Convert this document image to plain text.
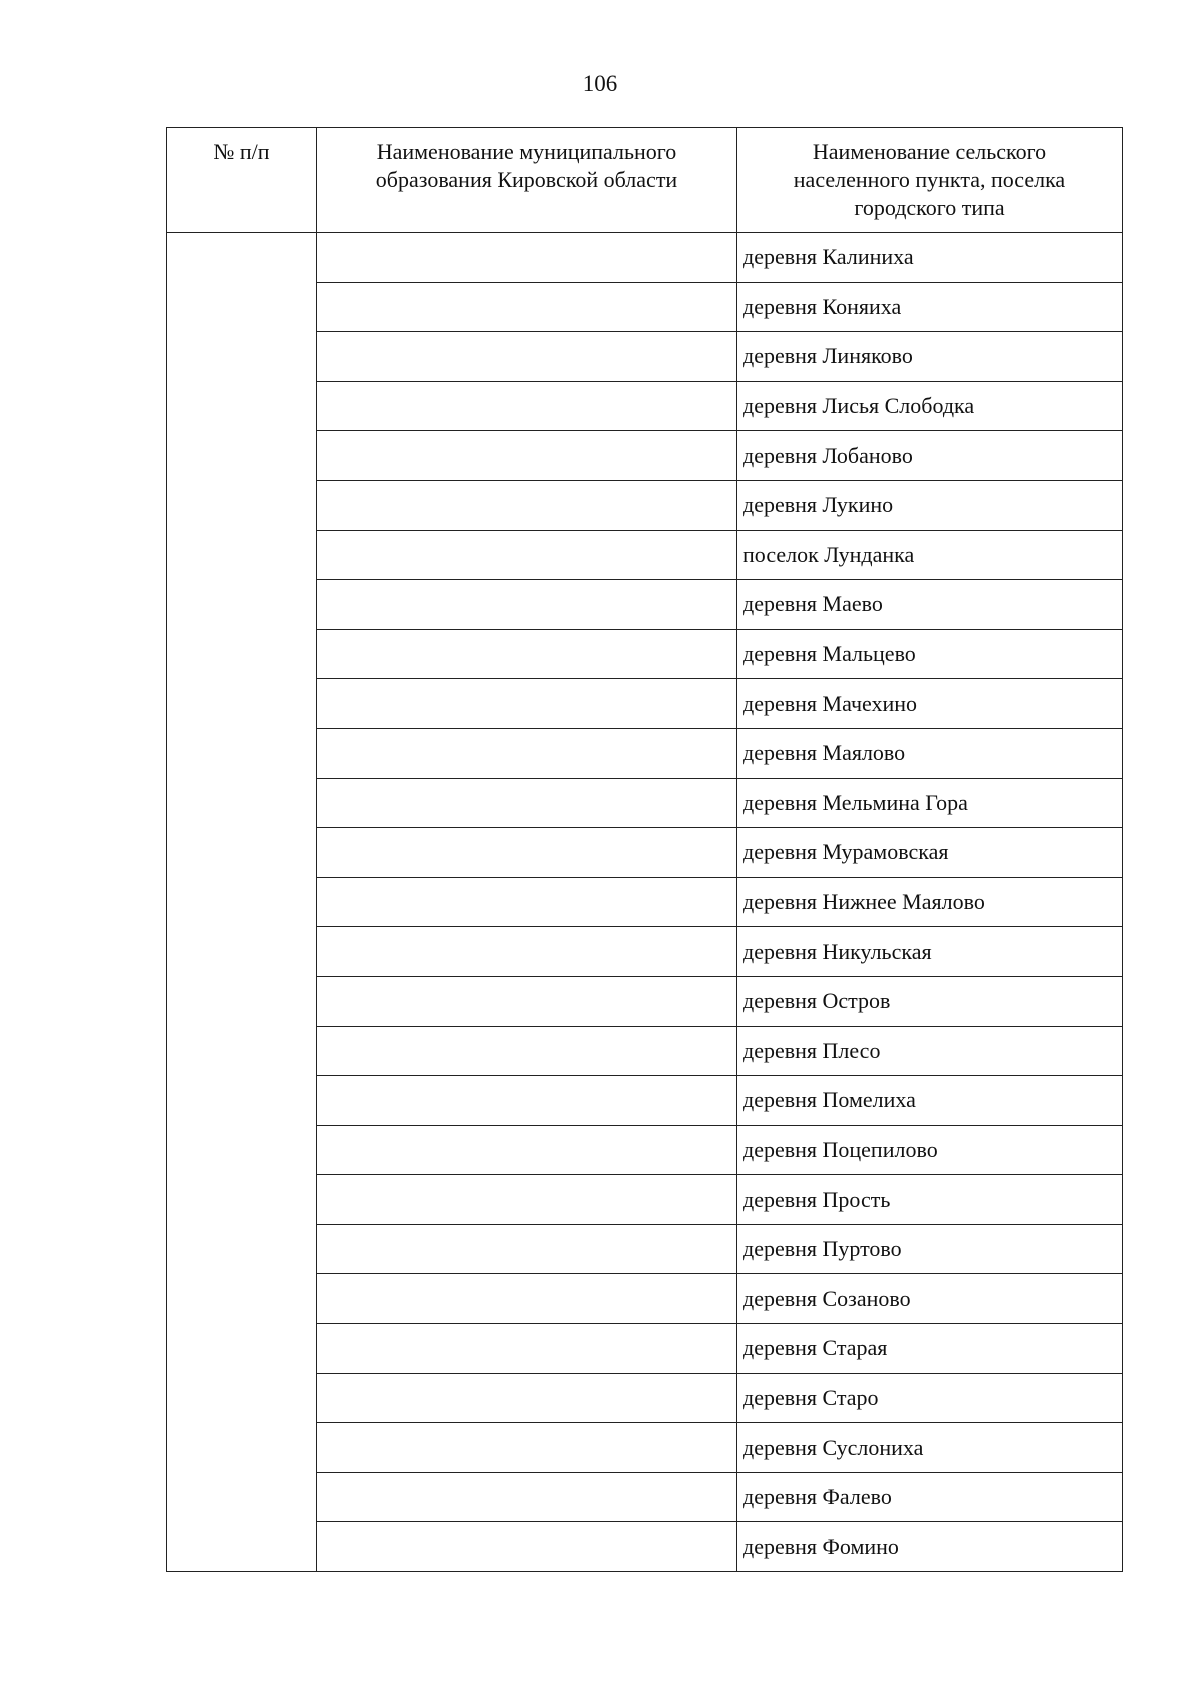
106
№ п/п	Наименование муниципального образования Кировской области	Наименование сельского населенного пункта, поселка городского типа

		деревня Калиниха
		деревня Коняиха
		деревня Линяково
		деревня Лисья Слободка
		деревня Лобаново
		деревня Лукино
		поселок Лунданка
		деревня Маево
		деревня Мальцево
		деревня Мачехино
		деревня Маялово
		деревня Мельмина Гора
		деревня Мурамовская
		деревня Нижнее Маялово
		деревня Никульская
		деревня Остров
		деревня Плесо
		деревня Помелиха
		деревня Поцепилово
		деревня Прость
		деревня Пуртово
		деревня Созаново
		деревня Старая
		деревня Старо
		деревня Суслониха
		деревня Фалево
		деревня Фомино
